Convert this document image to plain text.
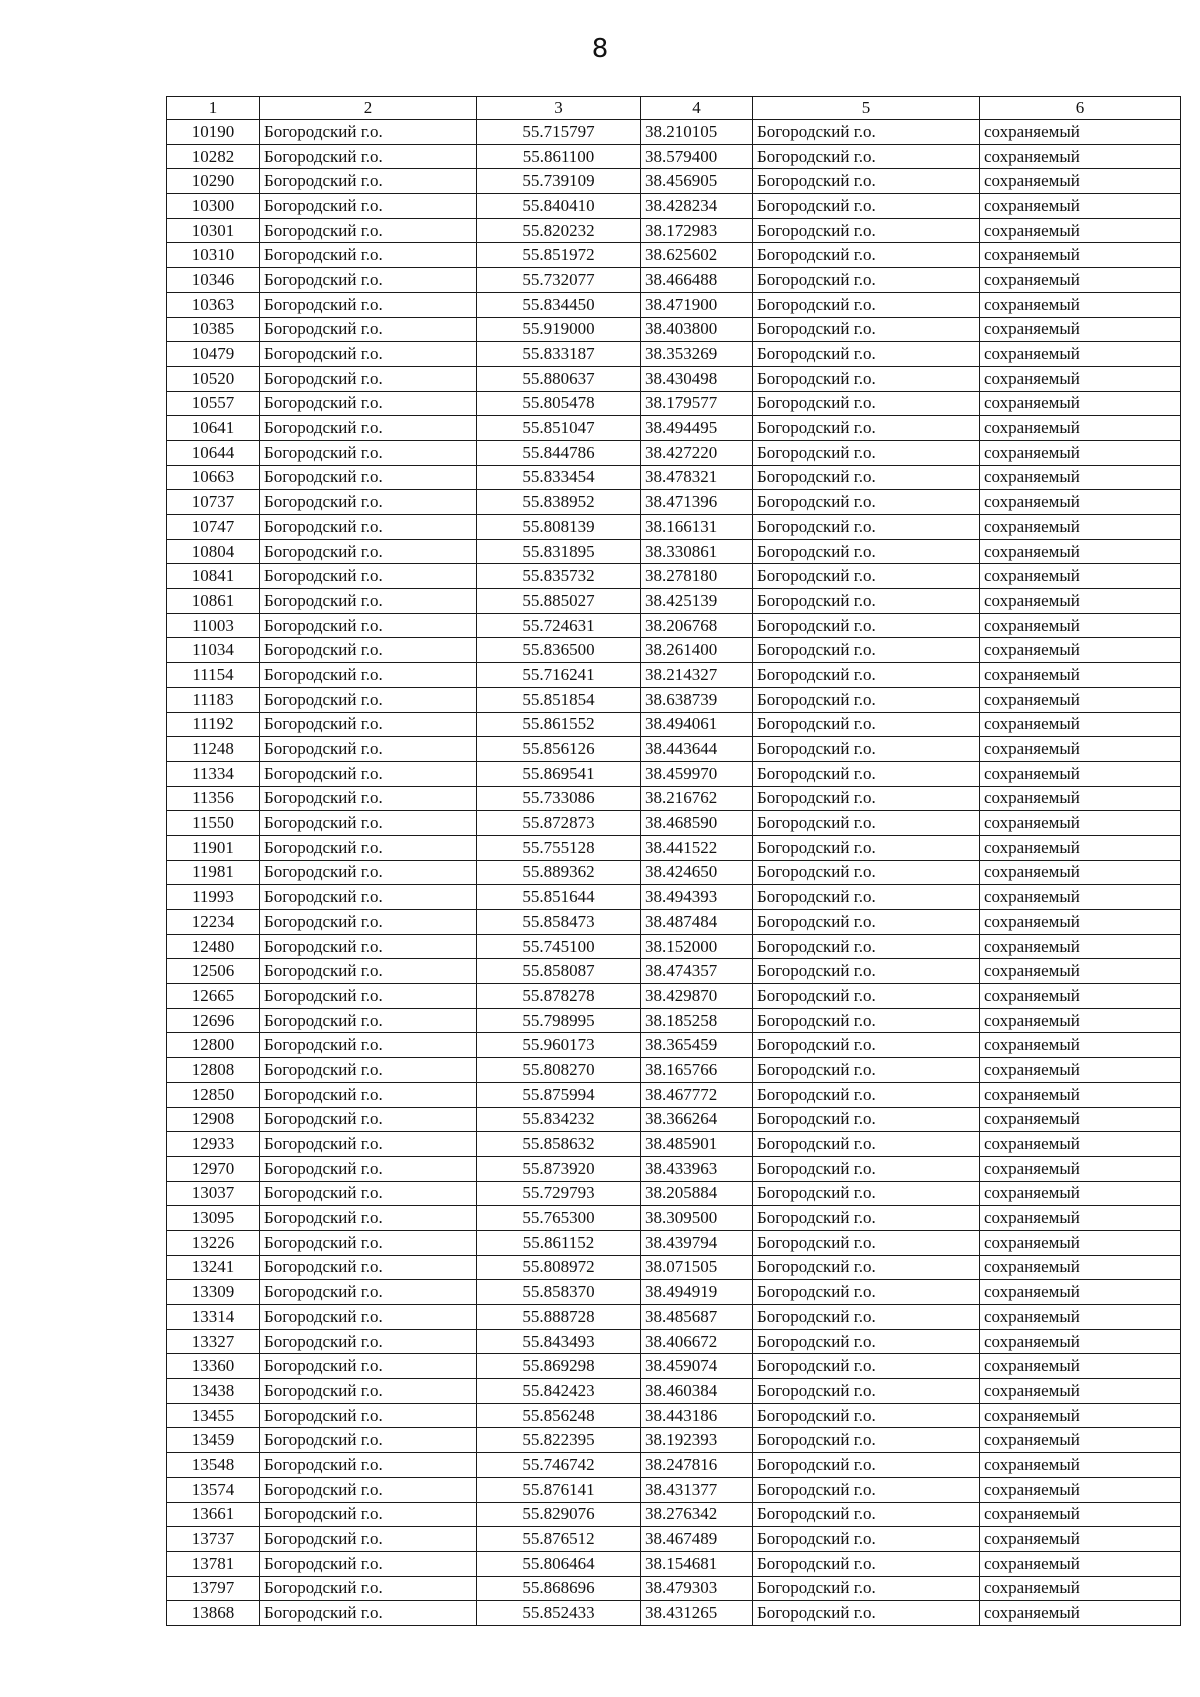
8
1	2	3	4	5	6
10190	Богородский г.о.	55.715797	38.210105	Богородский г.о.	сохраняемый
10282	Богородский г.о.	55.861100	38.579400	Богородский г.о.	сохраняемый
10290	Богородский г.о.	55.739109	38.456905	Богородский г.о.	сохраняемый
10300	Богородский г.о.	55.840410	38.428234	Богородский г.о.	сохраняемый
10301	Богородский г.о.	55.820232	38.172983	Богородский г.о.	сохраняемый
10310	Богородский г.о.	55.851972	38.625602	Богородский г.о.	сохраняемый
10346	Богородский г.о.	55.732077	38.466488	Богородский г.о.	сохраняемый
10363	Богородский г.о.	55.834450	38.471900	Богородский г.о.	сохраняемый
10385	Богородский г.о.	55.919000	38.403800	Богородский г.о.	сохраняемый
10479	Богородский г.о.	55.833187	38.353269	Богородский г.о.	сохраняемый
10520	Богородский г.о.	55.880637	38.430498	Богородский г.о.	сохраняемый
10557	Богородский г.о.	55.805478	38.179577	Богородский г.о.	сохраняемый
10641	Богородский г.о.	55.851047	38.494495	Богородский г.о.	сохраняемый
10644	Богородский г.о.	55.844786	38.427220	Богородский г.о.	сохраняемый
10663	Богородский г.о.	55.833454	38.478321	Богородский г.о.	сохраняемый
10737	Богородский г.о.	55.838952	38.471396	Богородский г.о.	сохраняемый
10747	Богородский г.о.	55.808139	38.166131	Богородский г.о.	сохраняемый
10804	Богородский г.о.	55.831895	38.330861	Богородский г.о.	сохраняемый
10841	Богородский г.о.	55.835732	38.278180	Богородский г.о.	сохраняемый
10861	Богородский г.о.	55.885027	38.425139	Богородский г.о.	сохраняемый
11003	Богородский г.о.	55.724631	38.206768	Богородский г.о.	сохраняемый
11034	Богородский г.о.	55.836500	38.261400	Богородский г.о.	сохраняемый
11154	Богородский г.о.	55.716241	38.214327	Богородский г.о.	сохраняемый
11183	Богородский г.о.	55.851854	38.638739	Богородский г.о.	сохраняемый
11192	Богородский г.о.	55.861552	38.494061	Богородский г.о.	сохраняемый
11248	Богородский г.о.	55.856126	38.443644	Богородский г.о.	сохраняемый
11334	Богородский г.о.	55.869541	38.459970	Богородский г.о.	сохраняемый
11356	Богородский г.о.	55.733086	38.216762	Богородский г.о.	сохраняемый
11550	Богородский г.о.	55.872873	38.468590	Богородский г.о.	сохраняемый
11901	Богородский г.о.	55.755128	38.441522	Богородский г.о.	сохраняемый
11981	Богородский г.о.	55.889362	38.424650	Богородский г.о.	сохраняемый
11993	Богородский г.о.	55.851644	38.494393	Богородский г.о.	сохраняемый
12234	Богородский г.о.	55.858473	38.487484	Богородский г.о.	сохраняемый
12480	Богородский г.о.	55.745100	38.152000	Богородский г.о.	сохраняемый
12506	Богородский г.о.	55.858087	38.474357	Богородский г.о.	сохраняемый
12665	Богородский г.о.	55.878278	38.429870	Богородский г.о.	сохраняемый
12696	Богородский г.о.	55.798995	38.185258	Богородский г.о.	сохраняемый
12800	Богородский г.о.	55.960173	38.365459	Богородский г.о.	сохраняемый
12808	Богородский г.о.	55.808270	38.165766	Богородский г.о.	сохраняемый
12850	Богородский г.о.	55.875994	38.467772	Богородский г.о.	сохраняемый
12908	Богородский г.о.	55.834232	38.366264	Богородский г.о.	сохраняемый
12933	Богородский г.о.	55.858632	38.485901	Богородский г.о.	сохраняемый
12970	Богородский г.о.	55.873920	38.433963	Богородский г.о.	сохраняемый
13037	Богородский г.о.	55.729793	38.205884	Богородский г.о.	сохраняемый
13095	Богородский г.о.	55.765300	38.309500	Богородский г.о.	сохраняемый
13226	Богородский г.о.	55.861152	38.439794	Богородский г.о.	сохраняемый
13241	Богородский г.о.	55.808972	38.071505	Богородский г.о.	сохраняемый
13309	Богородский г.о.	55.858370	38.494919	Богородский г.о.	сохраняемый
13314	Богородский г.о.	55.888728	38.485687	Богородский г.о.	сохраняемый
13327	Богородский г.о.	55.843493	38.406672	Богородский г.о.	сохраняемый
13360	Богородский г.о.	55.869298	38.459074	Богородский г.о.	сохраняемый
13438	Богородский г.о.	55.842423	38.460384	Богородский г.о.	сохраняемый
13455	Богородский г.о.	55.856248	38.443186	Богородский г.о.	сохраняемый
13459	Богородский г.о.	55.822395	38.192393	Богородский г.о.	сохраняемый
13548	Богородский г.о.	55.746742	38.247816	Богородский г.о.	сохраняемый
13574	Богородский г.о.	55.876141	38.431377	Богородский г.о.	сохраняемый
13661	Богородский г.о.	55.829076	38.276342	Богородский г.о.	сохраняемый
13737	Богородский г.о.	55.876512	38.467489	Богородский г.о.	сохраняемый
13781	Богородский г.о.	55.806464	38.154681	Богородский г.о.	сохраняемый
13797	Богородский г.о.	55.868696	38.479303	Богородский г.о.	сохраняемый
13868	Богородский г.о.	55.852433	38.431265	Богородский г.о.	сохраняемый
